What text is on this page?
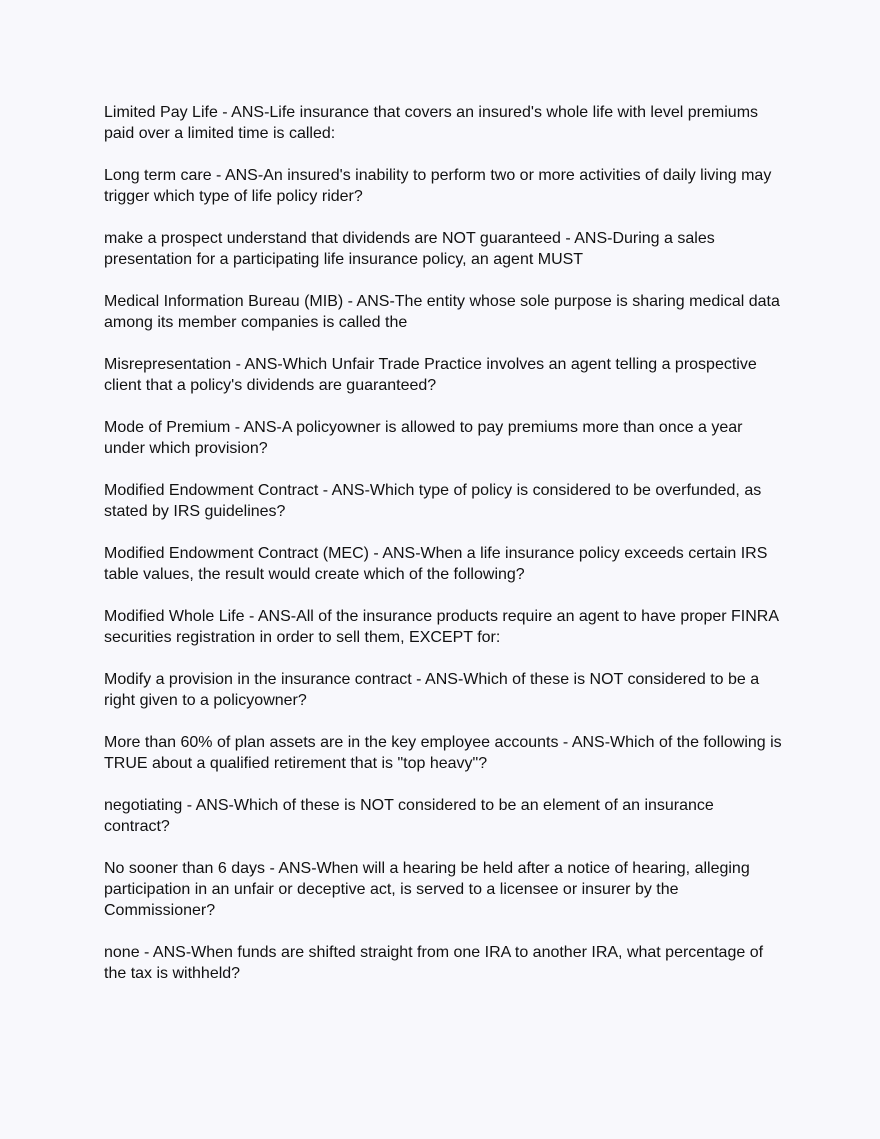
Limited Pay Life - ANS-Life insurance that covers an insured's whole life with level premiums paid over a limited time is called:

Long term care - ANS-An insured's inability to perform two or more activities of daily living may trigger which type of life policy rider?

make a prospect understand that dividends are NOT guaranteed - ANS-During a sales presentation for a participating life insurance policy, an agent MUST

Medical Information Bureau (MIB) - ANS-The entity whose sole purpose is sharing medical data among its member companies is called the

Misrepresentation - ANS-Which Unfair Trade Practice involves an agent telling a prospective client that a policy's dividends are guaranteed?

Mode of Premium - ANS-A policyowner is allowed to pay premiums more than once a year under which provision?

Modified Endowment Contract - ANS-Which type of policy is considered to be overfunded, as stated by IRS guidelines?

Modified Endowment Contract (MEC) - ANS-When a life insurance policy exceeds certain IRS table values, the result would create which of the following?

Modified Whole Life - ANS-All of the insurance products require an agent to have proper FINRA securities registration in order to sell them, EXCEPT for:

Modify a provision in the insurance contract - ANS-Which of these is NOT considered to be a right given to a policyowner?

More than 60% of plan assets are in the key employee accounts - ANS-Which of the following is TRUE about a qualified retirement that is "top heavy"?

negotiating - ANS-Which of these is NOT considered to be an element of an insurance contract?

No sooner than 6 days - ANS-When will a hearing be held after a notice of hearing, alleging participation in an unfair or deceptive act, is served to a licensee or insurer by the Commissioner?

none - ANS-When funds are shifted straight from one IRA to another IRA, what percentage of the tax is withheld?
